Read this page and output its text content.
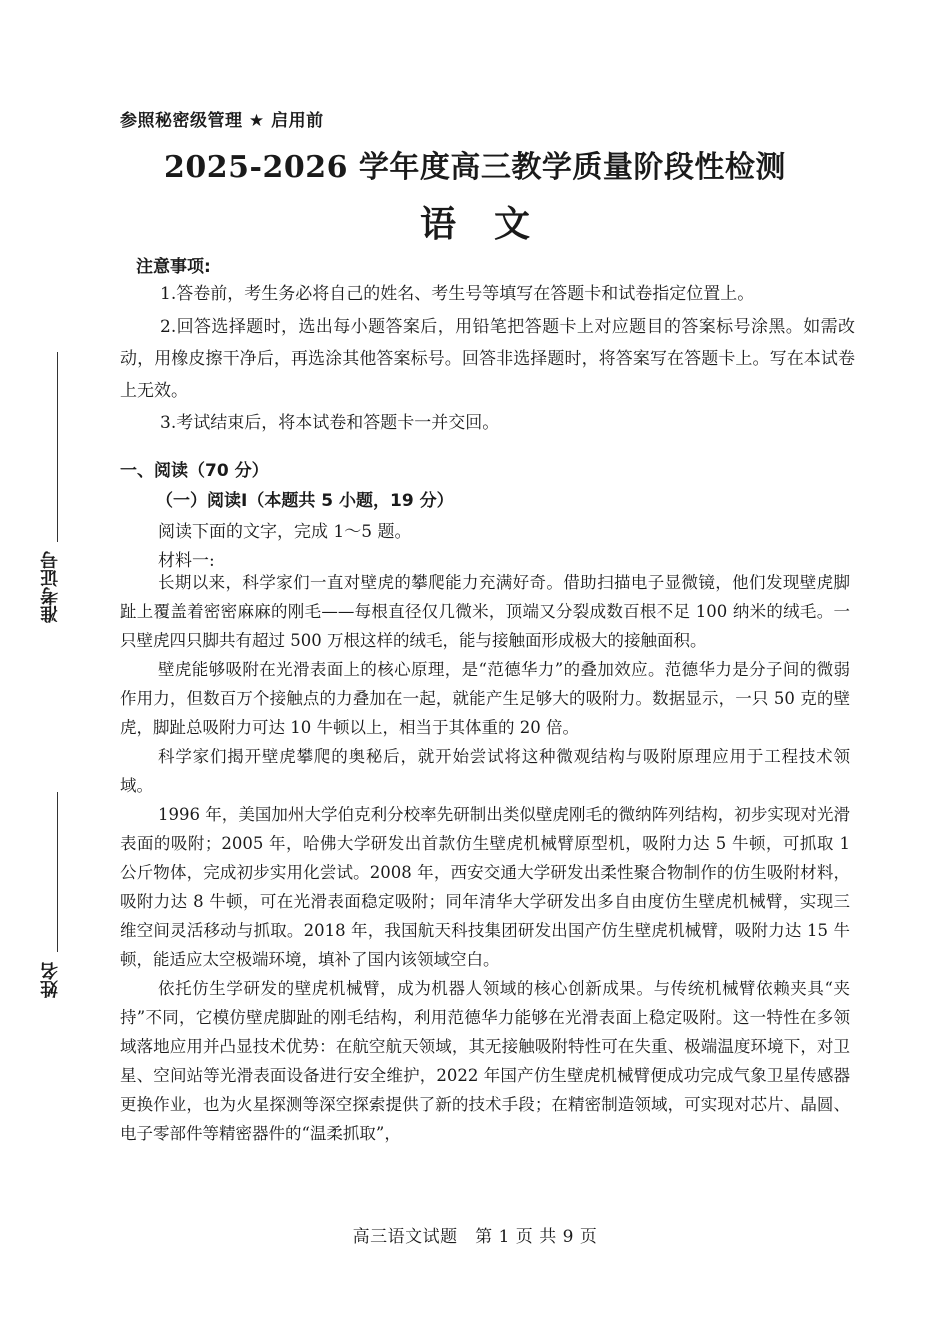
参照秘密级管理 ★ 启用前
2025-2026 学年度高三教学质量阶段性检测
语文
注意事项:
1.答卷前，考生务必将自己的姓名、考生号等填写在答题卡和试卷指定位置上。
2.回答选择题时，选出每小题答案后，用铅笔把答题卡上对应题目的答案标号涂黑。如需改动，用橡皮擦干净后，再选涂其他答案标号。回答非选择题时，将答案写在答题卡上。写在本试卷上无效。
3.考试结束后，将本试卷和答题卡一并交回。
准考证号
姓名
一、阅读（70 分）
（一）阅读Ⅰ（本题共 5 小题，19 分）
阅读下面的文字，完成 1～5 题。
材料一:

长期以来，科学家们一直对壁虎的攀爬能力充满好奇。借助扫描电子显微镜，他们发现壁虎脚趾上覆盖着密密麻麻的刚毛——每根直径仅几微米，顶端又分裂成数百根不足 100 纳米的绒毛。一只壁虎四只脚共有超过 500 万根这样的绒毛，能与接触面形成极大的接触面积。

壁虎能够吸附在光滑表面上的核心原理，是“范德华力”的叠加效应。范德华力是分子间的微弱作用力，但数百万个接触点的力叠加在一起，就能产生足够大的吸附力。数据显示，一只 50 克的壁虎，脚趾总吸附力可达 10 牛顿以上，相当于其体重的 20 倍。

科学家们揭开壁虎攀爬的奥秘后，就开始尝试将这种微观结构与吸附原理应用于工程技术领域。

1996 年，美国加州大学伯克利分校率先研制出类似壁虎刚毛的微纳阵列结构，初步实现对光滑表面的吸附；2005 年，哈佛大学研发出首款仿生壁虎机械臂原型机，吸附力达 5 牛顿，可抓取 1 公斤物体，完成初步实用化尝试。2008 年，西安交通大学研发出柔性聚合物制作的仿生吸附材料，吸附力达 8 牛顿，可在光滑表面稳定吸附；同年清华大学研发出多自由度仿生壁虎机械臂，实现三维空间灵活移动与抓取。2018 年，我国航天科技集团研发出国产仿生壁虎机械臂，吸附力达 15 牛顿，能适应太空极端环境，填补了国内该领域空白。

依托仿生学研发的壁虎机械臂，成为机器人领域的核心创新成果。与传统机械臂依赖夹具“夹持”不同，它模仿壁虎脚趾的刚毛结构，利用范德华力能够在光滑表面上稳定吸附。这一特性在多领域落地应用并凸显技术优势：在航空航天领域，其无接触吸附特性可在失重、极端温度环境下，对卫星、空间站等光滑表面设备进行安全维护，2022 年国产仿生壁虎机械臂便成功完成气象卫星传感器更换作业，也为火星探测等深空探索提供了新的技术手段；在精密制造领域，可实现对芯片、晶圆、电子零部件等精密器件的“温柔抓取”，

高三语文试题　第 1 页 共 9 页
